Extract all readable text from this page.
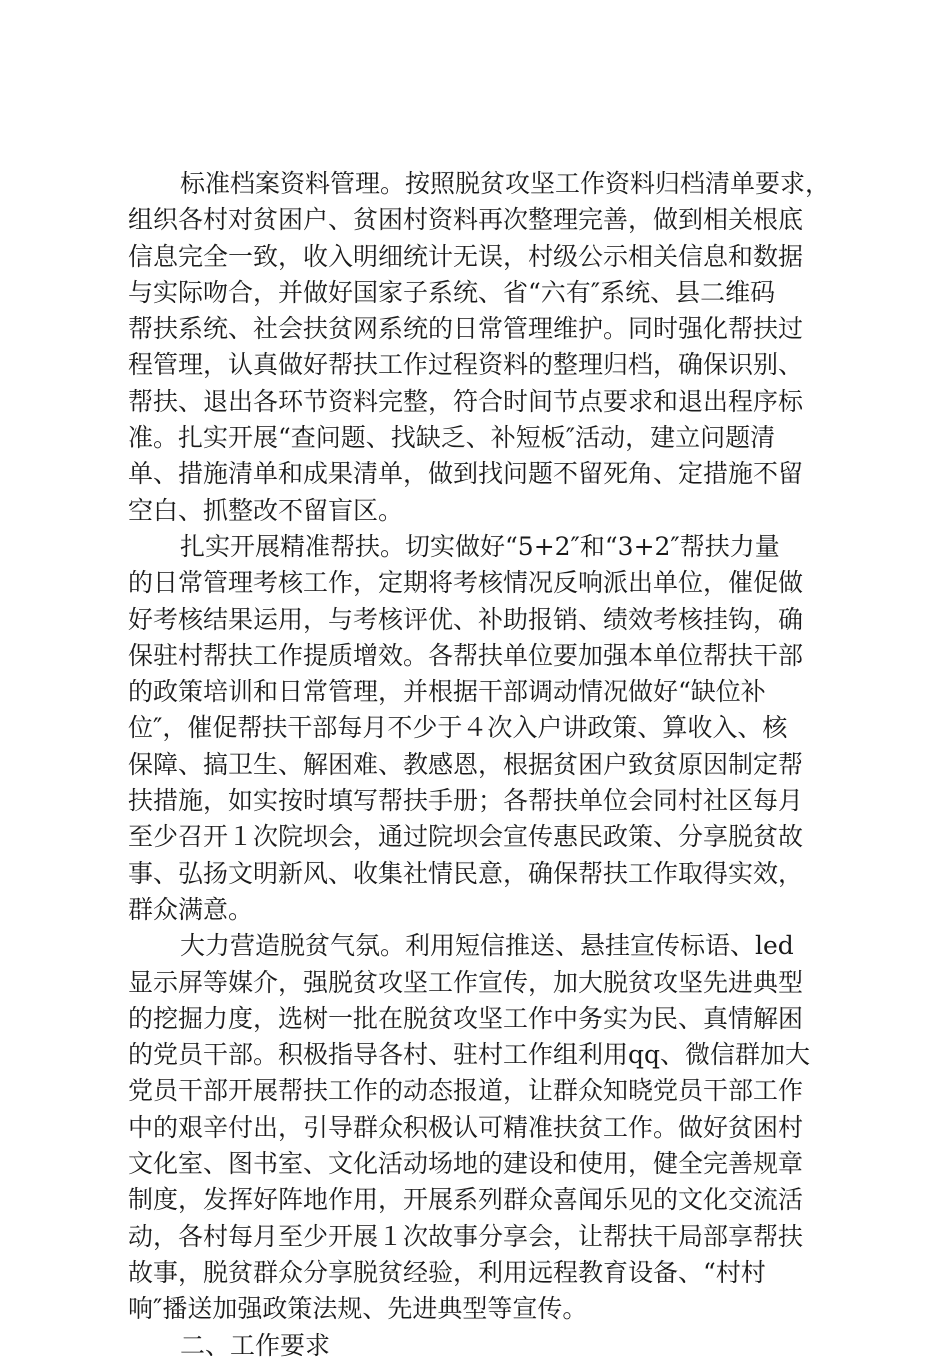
标准档案资料管理。按照脱贫攻坚工作资料归档清单要求，
组织各村对贫困户、贫困村资料再次整理完善，做到相关根底
信息完全一致，收入明细统计无误，村级公示相关信息和数据
与实际吻合，并做好国家子系统、省“六有″系统、县二维码
帮扶系统、社会扶贫网系统的日常管理维护。同时强化帮扶过
程管理，认真做好帮扶工作过程资料的整理归档，确保识别、
帮扶、退出各环节资料完整，符合时间节点要求和退出程序标
准。扎实开展“查问题、找缺乏、补短板″活动，建立问题清
单、措施清单和成果清单，做到找问题不留死角、定措施不留
空白、抓整改不留盲区。
扎实开展精准帮扶。切实做好“5+2″和“3+2″帮扶力量
的日常管理考核工作，定期将考核情况反响派出单位，催促做
好考核结果运用，与考核评优、补助报销、绩效考核挂钩，确
保驻村帮扶工作提质增效。各帮扶单位要加强本单位帮扶干部
的政策培训和日常管理，并根据干部调动情况做好“缺位补
位″，催促帮扶干部每月不少于４次入户讲政策、算收入、核
保障、搞卫生、解困难、教感恩，根据贫困户致贫原因制定帮
扶措施，如实按时填写帮扶手册；各帮扶单位会同村社区每月
至少召开１次院坝会，通过院坝会宣传惠民政策、分享脱贫故
事、弘扬文明新风、收集社情民意，确保帮扶工作取得实效，
群众满意。
大力营造脱贫气氛。利用短信推送、悬挂宣传标语、led
显示屏等媒介，强脱贫攻坚工作宣传，加大脱贫攻坚先进典型
的挖掘力度，选树一批在脱贫攻坚工作中务实为民、真情解困
的党员干部。积极指导各村、驻村工作组利用qq、微信群加大
党员干部开展帮扶工作的动态报道，让群众知晓党员干部工作
中的艰辛付出，引导群众积极认可精准扶贫工作。做好贫困村
文化室、图书室、文化活动场地的建设和使用，健全完善规章
制度，发挥好阵地作用，开展系列群众喜闻乐见的文化交流活
动，各村每月至少开展１次故事分享会，让帮扶干局部享帮扶
故事，脱贫群众分享脱贫经验，利用远程教育设备、“村村
响″播送加强政策法规、先进典型等宣传。
二、工作要求
